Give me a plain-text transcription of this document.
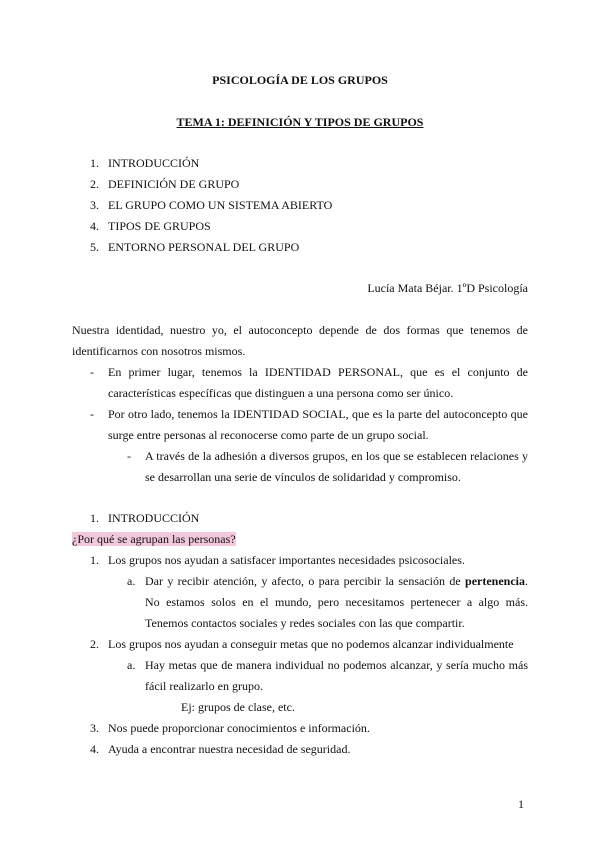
PSICOLOGÍA DE LOS GRUPOS
TEMA 1: DEFINICIÓN Y TIPOS DE GRUPOS
1. INTRODUCCIÓN
2. DEFINICIÓN DE GRUPO
3. EL GRUPO COMO UN SISTEMA ABIERTO
4. TIPOS DE GRUPOS
5. ENTORNO PERSONAL DEL GRUPO
Lucía Mata Béjar. 1ºD Psicología
Nuestra identidad, nuestro yo, el autoconcepto depende de dos formas que tenemos de identificarnos con nosotros mismos.
- En primer lugar, tenemos la IDENTIDAD PERSONAL, que es el conjunto de características específicas que distinguen a una persona como ser único.
- Por otro lado, tenemos la IDENTIDAD SOCIAL, que es la parte del autoconcepto que surge entre personas al reconocerse como parte de un grupo social.
- A través de la adhesión a diversos grupos, en los que se establecen relaciones y se desarrollan una serie de vínculos de solidaridad y compromiso.
1. INTRODUCCIÓN
¿Por qué se agrupan las personas?
1. Los grupos nos ayudan a satisfacer importantes necesidades psicosociales.
a. Dar y recibir atención, y afecto, o para percibir la sensación de pertenencia. No estamos solos en el mundo, pero necesitamos pertenecer a algo más. Tenemos contactos sociales y redes sociales con las que compartir.
2. Los grupos nos ayudan a conseguir metas que no podemos alcanzar individualmente
a. Hay metas que de manera individual no podemos alcanzar, y sería mucho más fácil realizarlo en grupo.
Ej: grupos de clase, etc.
3. Nos puede proporcionar conocimientos e información.
4. Ayuda a encontrar nuestra necesidad de seguridad.
1
